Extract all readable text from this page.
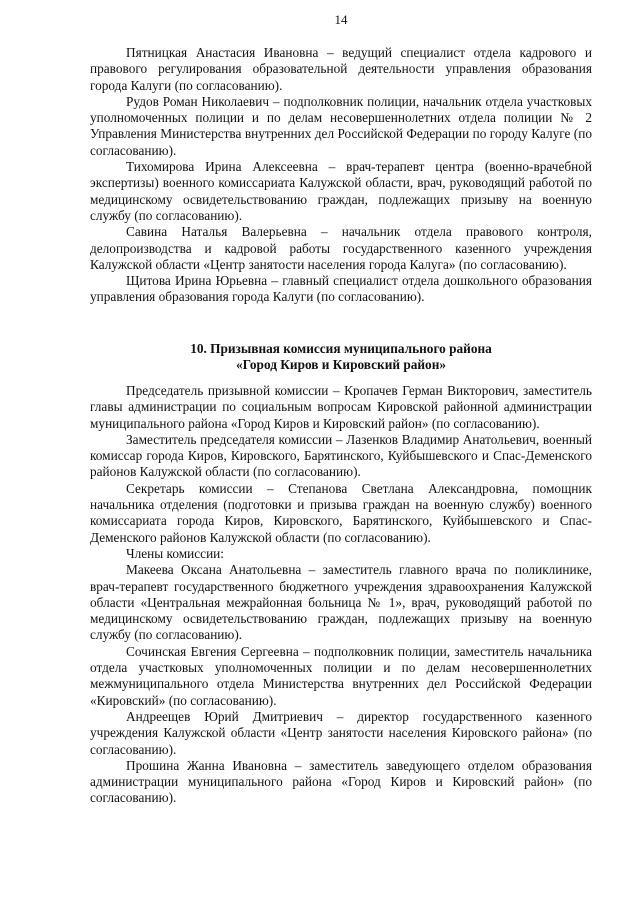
14

Пятницкая Анастасия Ивановна – ведущий специалист отдела кадрового и правового регулирования образовательной деятельности управления образования города Калуги (по согласованию).

Рудов Роман Николаевич – подполковник полиции, начальник отдела участковых уполномоченных полиции и по делам несовершеннолетних отдела полиции № 2 Управления Министерства внутренних дел Российской Федерации по городу Калуге (по согласованию).

Тихомирова Ирина Алексеевна – врач-терапевт центра (военно-врачебной экспертизы) военного комиссариата Калужской области, врач, руководящий работой по медицинскому освидетельствованию граждан, подлежащих призыву на военную службу (по согласованию).

Савина Наталья Валерьевна – начальник отдела правового контроля, делопроизводства и кадровой работы государственного казенного учреждения Калужской области «Центр занятости населения города Калуга» (по согласованию).

Щитова Ирина Юрьевна – главный специалист отдела дошкольного образования управления образования города Калуги (по согласованию).

10. Призывная комиссия муниципального района
«Город Киров и Кировский район»

Председатель призывной комиссии – Кропачев Герман Викторович, заместитель главы администрации по социальным вопросам Кировской районной администрации муниципального района «Город Киров и Кировский район» (по согласованию).

Заместитель председателя комиссии – Лазенков Владимир Анатольевич, военный комиссар города Киров, Кировского, Барятинского, Куйбышевского и Спас-Деменского районов Калужской области (по согласованию).

Секретарь комиссии – Степанова Светлана Александровна, помощник начальника отделения (подготовки и призыва граждан на военную службу) военного комиссариата города Киров, Кировского, Барятинского, Куйбышевского и Спас-Деменского районов Калужской области (по согласованию).

Члены комиссии:

Макеева Оксана Анатольевна – заместитель главного врача по поликлинике, врач-терапевт государственного бюджетного учреждения здравоохранения Калужской области «Центральная межрайонная больница № 1», врач, руководящий работой по медицинскому освидетельствованию граждан, подлежащих призыву на военную службу (по согласованию).

Сочинская Евгения Сергеевна – подполковник полиции, заместитель начальника отдела участковых уполномоченных полиции и по делам несовершеннолетних межмуниципального отдела Министерства внутренних дел Российской Федерации «Кировский» (по согласованию).

Андреещев Юрий Дмитриевич – директор государственного казенного учреждения Калужской области «Центр занятости населения Кировского района» (по согласованию).

Прошина Жанна Ивановна – заместитель заведующего отделом образования администрации муниципального района «Город Киров и Кировский район» (по согласованию).
